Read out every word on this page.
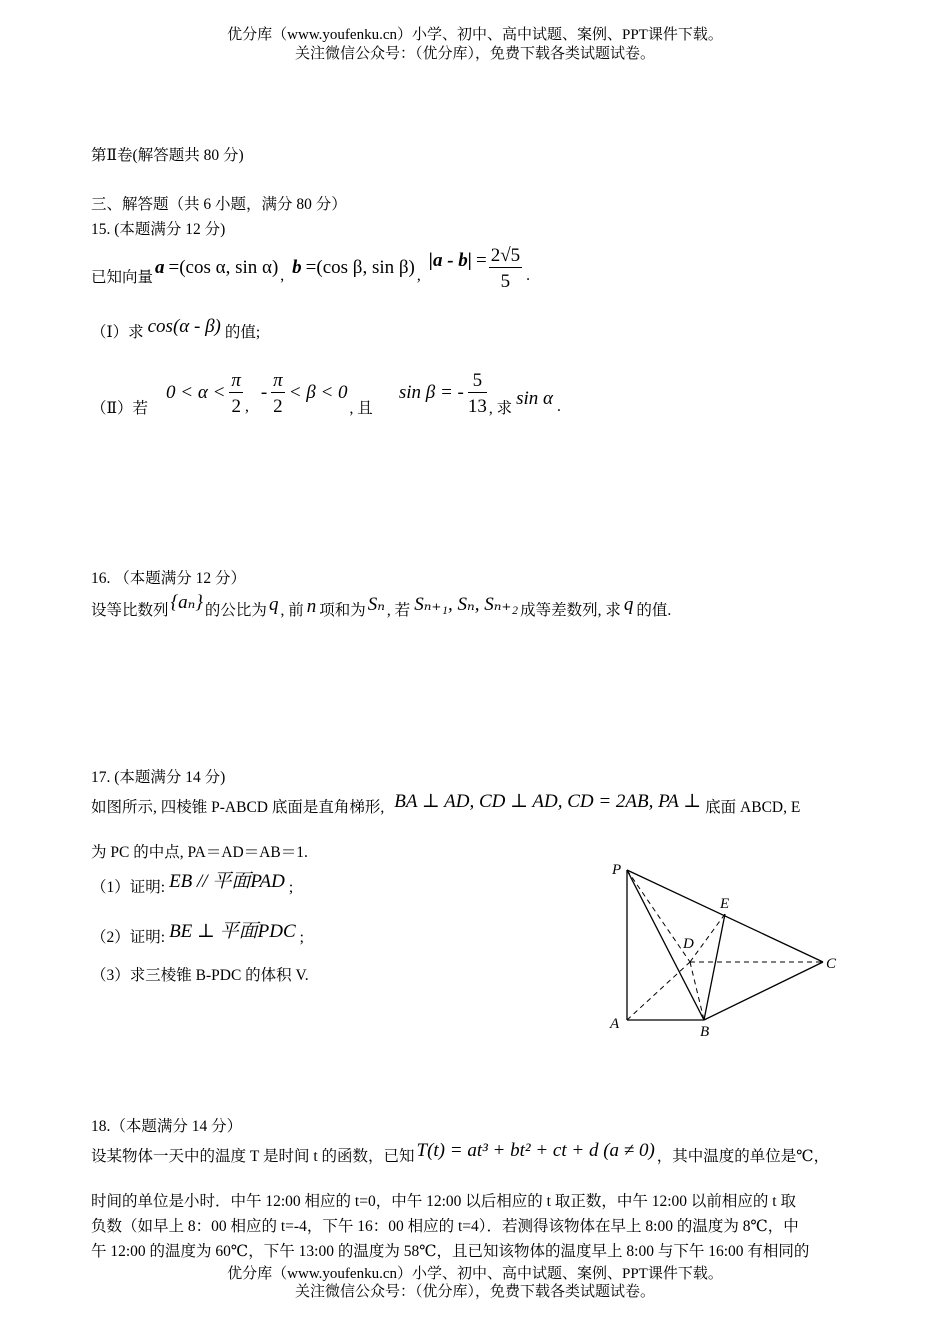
优分库（www.youfenku.cn）小学、初中、高中试题、案例、PPT课件下载。
关注微信公众号：（优分库），免费下载各类试题试卷。
第Ⅱ卷(解答题共 80 分)
三、解答题（共 6 小题，满分 80 分）
15. (本题满分 12 分)
已知向量 a =(cos α, sin α) , b =(cos β, sin β) ,
$|a - b| = \frac{2√5}{5}$ .
（Ⅰ）求 cos(α - β) 的值;
（Ⅱ）若
$0 < \alpha < \frac{\pi}{2}$ ,
- $\frac{\pi}{2} < \beta < 0$
, 且
sin β = - $\frac{5}{13}$ , 求 sin α .
16. （本题满分 12 分）
设等比数列 {aₙ} 的公比为 q , 前 n 项和为 Sₙ , 若 Sₙ₊₁, Sₙ, Sₙ₊₂ 成等差数列, 求 q 的值.
17. (本题满分 14 分)
如图所示, 四棱锥 P-ABCD 底面是直角梯形, BA ⊥ AD, CD ⊥ AD, CD = 2AB, PA ⊥ 底面 ABCD, E
为 PC 的中点, PA＝AD＝AB＝1.
（1）证明: EB // 平面PAD ;
（2）证明: BE ⊥ 平面PDC ;
（3）求三棱锥 B-PDC 的体积 V.
P
E
D
C
A	B
18.（本题满分 14 分）
设某物体一天中的温度 T 是时间 t 的函数，已知 T(t) = at³ + bt² + ct + d (a ≠ 0) ，其中温度的单位是℃，
时间的单位是小时．中午 12:00 相应的 t=0，中午 12:00 以后相应的 t 取正数，中午 12:00 以前相应的 t 取
负数（如早上 8：00 相应的 t=-4，下午 16：00 相应的 t=4）．若测得该物体在早上 8:00 的温度为 8℃，中
午 12:00 的温度为 60℃，下午 13:00 的温度为 58℃，且已知该物体的温度早上 8:00 与下午 16:00 有相同的
优分库（www.youfenku.cn）小学、初中、高中试题、案例、PPT课件下载。
关注微信公众号：（优分库），免费下载各类试题试卷。
